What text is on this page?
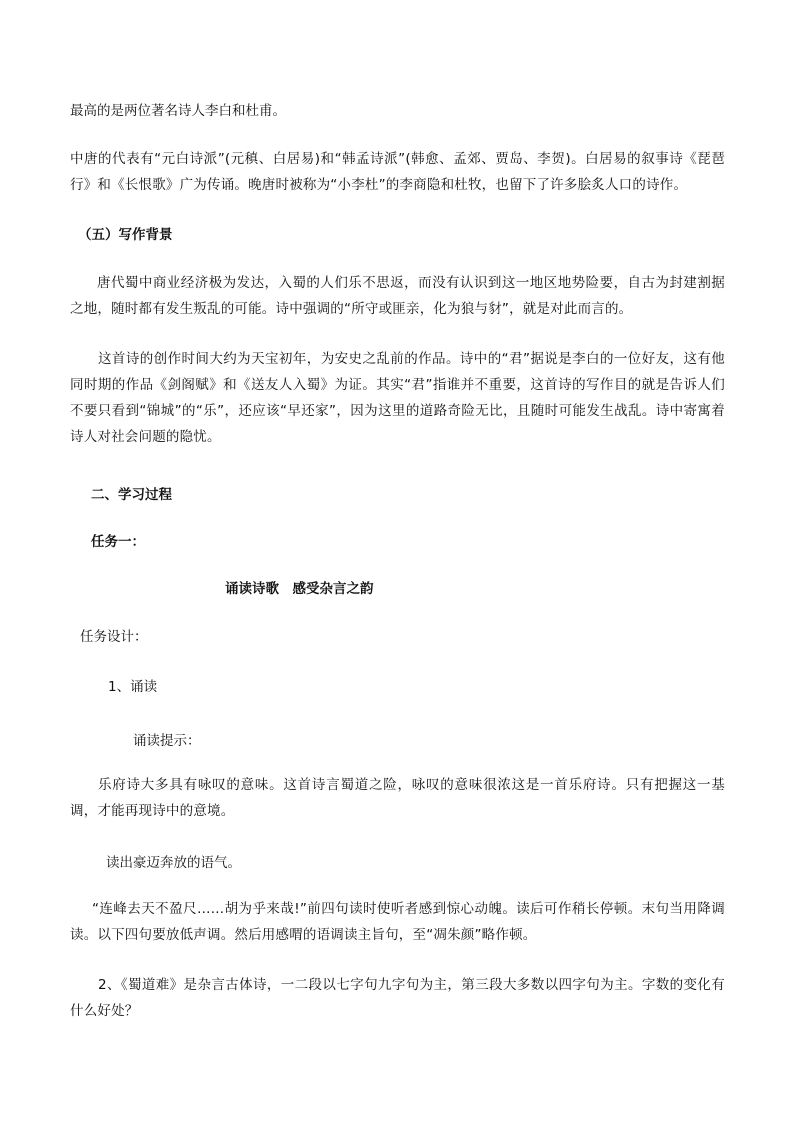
最高的是两位著名诗人李白和杜甫。

中唐的代表有“元白诗派”(元稹、白居易)和“韩孟诗派”(韩愈、孟郊、贾岛、李贺)。白居易的叙事诗《琵琶行》和《长恨歌》广为传诵。晚唐时被称为“小李杜”的李商隐和杜牧，也留下了许多脍炙人口的诗作。

（五）写作背景

唐代蜀中商业经济极为发达，入蜀的人们乐不思返，而没有认识到这一地区地势险要，自古为封建割据之地，随时都有发生叛乱的可能。诗中强调的“所守或匪亲，化为狼与豺”，就是对此而言的。

这首诗的创作时间大约为天宝初年，为安史之乱前的作品。诗中的“君”据说是李白的一位好友，这有他同时期的作品《剑阁赋》和《送友人入蜀》为证。其实“君”指谁并不重要，这首诗的写作目的就是告诉人们不要只看到“锦城”的“乐”，还应该“早还家”，因为这里的道路奇险无比，且随时可能发生战乱。诗中寄寓着诗人对社会问题的隐忧。

二、学习过程

任务一：

诵读诗歌　感受杂言之韵

任务设计：

1、诵读

诵读提示：

乐府诗大多具有咏叹的意味。这首诗言蜀道之险，咏叹的意味很浓这是一首乐府诗。只有把握这一基调，才能再现诗中的意境。

读出豪迈奔放的语气。

“连峰去天不盈尺……胡为乎来哉!”前四句读时使听者感到惊心动魄。读后可作稍长停顿。末句当用降调读。以下四句要放低声调。然后用感喟的语调读主旨句，至“凋朱颜”略作顿。

2、《蜀道难》是杂言古体诗，一二段以七字句九字句为主，第三段大多数以四字句为主。字数的变化有什么好处？
